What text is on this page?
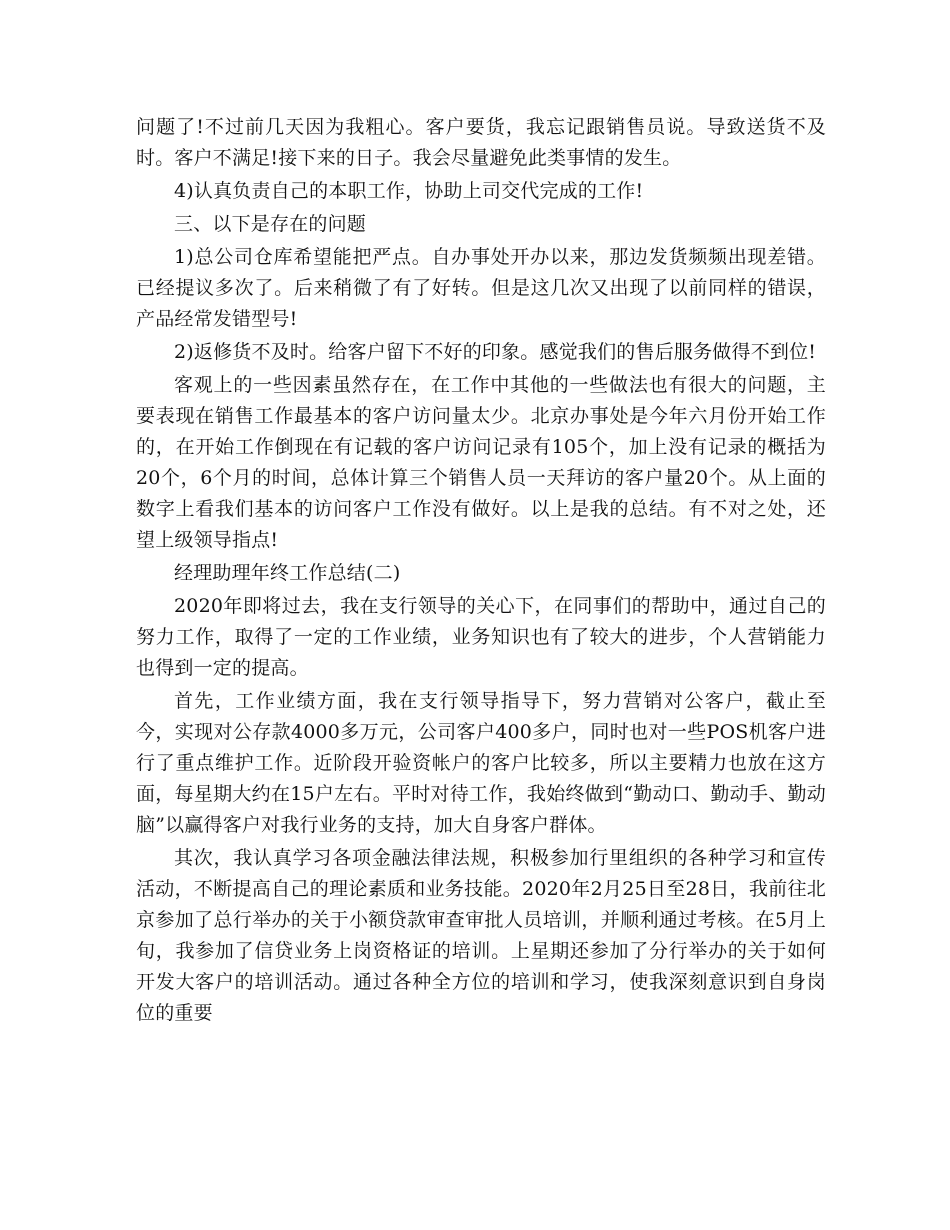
问题了!不过前几天因为我粗心。客户要货，我忘记跟销售员说。导致送货不及时。客户不满足!接下来的日子。我会尽量避免此类事情的发生。

4)认真负责自己的本职工作，协助上司交代完成的工作!

三、以下是存在的问题

1)总公司仓库希望能把严点。自办事处开办以来，那边发货频频出现差错。已经提议多次了。后来稍微了有了好转。但是这几次又出现了以前同样的错误，产品经常发错型号!

2)返修货不及时。给客户留下不好的印象。感觉我们的售后服务做得不到位!

客观上的一些因素虽然存在，在工作中其他的一些做法也有很大的问题，主要表现在销售工作最基本的客户访问量太少。北京办事处是今年六月份开始工作的，在开始工作倒现在有记载的客户访问记录有105个，加上没有记录的概括为20个，6个月的时间，总体计算三个销售人员一天拜访的客户量20个。从上面的数字上看我们基本的访问客户工作没有做好。以上是我的总结。有不对之处，还望上级领导指点!

经理助理年终工作总结(二)

2020年即将过去，我在支行领导的关心下，在同事们的帮助中，通过自己的努力工作，取得了一定的工作业绩，业务知识也有了较大的进步，个人营销能力也得到一定的提高。

首先，工作业绩方面，我在支行领导指导下，努力营销对公客户，截止至今，实现对公存款4000多万元，公司客户400多户，同时也对一些POS机客户进行了重点维护工作。近阶段开验资帐户的客户比较多，所以主要精力也放在这方面，每星期大约在15户左右。平时对待工作，我始终做到“勤动口、勤动手、勤动脑”以赢得客户对我行业务的支持，加大自身客户群体。

其次，我认真学习各项金融法律法规，积极参加行里组织的各种学习和宣传活动，不断提高自己的理论素质和业务技能。2020年2月25日至28日，我前往北京参加了总行举办的关于小额贷款审查审批人员培训，并顺利通过考核。在5月上旬，我参加了信贷业务上岗资格证的培训。上星期还参加了分行举办的关于如何开发大客户的培训活动。通过各种全方位的培训和学习，使我深刻意识到自身岗位的重要
